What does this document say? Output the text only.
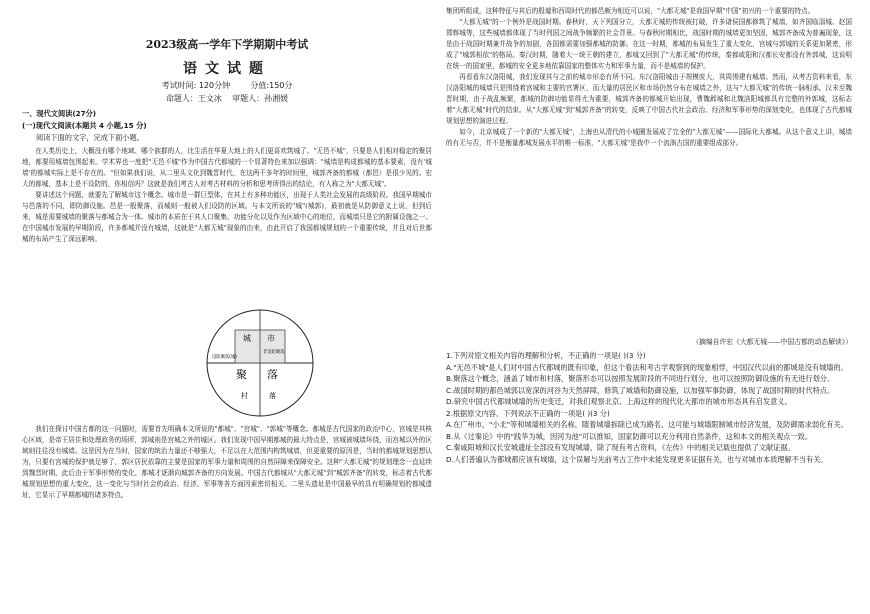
2023级高一学年下学期期中考试
语文试题
考试时间: 120分钟        分值:150分
命题人：王文冰    审题人：孙湘媛
一、现代文阅读(27分)
(一)现代文阅读(本题共 4 小题,15 分)
阅读下面的文字，完成下面小题。

在人类历史上，大概没有哪个地域、哪个族群的人，比生活在华夏大地上的人们更喜欢筑城了。"无邑不城"，只要是人们相对稳定的聚居地，都要用城墙包围起来。学术界也一度把"无邑不城"作为中国古代都城的一个显著特色来加以强调："城墙是构成都城的基本要素，没有'城墙'的都城实际上是不存在的。"但如果我们说，从二里头文化到魏晋时代，在这两千多年的时间里，城郭齐备的都城（都邑）是很少见的。宏大的都城，基本上是不设防的，你相信吗？这就是我们考古人对考古材料的分析和思考所得出的结论，有人称之为"大都无城"。

要讲述这个问题，就要先了解城市这个概念。城市是一群巨型体，在其上有多种功能区，出现于人类社会发展的高级阶段。我国早期城市与邑落的不同，即防御设施。邑是一般聚落，而城则一般被人们设防的区域。与本文所说的"城"(城郭)，最初就是从防御意义上说，但到后来，城是需要城墙的聚落与都城合为一体。城市的本质在于其人口聚集、功能分化以及作为区域中心的地位，而城墙只是它的附属设施之一。在中国城市发展的早期阶段，许多都城并没有城墙，这就是"大都无城"现象的由来，由此开启了我国都城规划的一个重要传统，并且对后世都城的布局产生了深远影响。

城 市
设防聚落(城)
非设防聚落
聚 落
村	落

我们在探讨中国古都的这一问题时，需要首先明确本文所说的"都城"、"宫城"、"郭城"等概念。都城是古代国家的政治中心，宫城是其核心区域，是帝王居住和处理政务的场所，郭城则是宫城之外的城区。我们发现中国早期都城的最大特点是，宫城被城墙环绕，而宫城以外的区域则往往没有城墙。这是因为在当时，国家的统治力量还不够强大，不足以在大范围内构筑城墙，但更重要的原因是，当时的都城规划思想认为，只要有宫城的保护就足够了，郭区居民依靠的主要是国家的军事力量和周围的自然屏障来保障安全。这种"大都无城"的规划理念一直延续到魏晋时期，此后由于军事形势的变化，都城才逐渐向城郭齐备的方向发展。中国古代都城从"大都无城"到"城郭齐备"的转变，标志着古代都城规划思想的重大变化，这一变化与当时社会的政治、经济、军事等各方面因素密切相关。二里头遗址是中国最早的具有明确规划的都城遗址，它显示了早期都城的诸多特点。

集团所组成，这种特征与其后的殷墟和西周时代的都邑颇为相近可以说，"大都无城"是我国早期"中国"初兴的一个重要的特点。

"大都无城"的一个例外是战国时期。春秋时，天下列国分立，大都无城的传统被打破，许多诸侯国都修筑了城墙，如齐国临淄城、赵国邯郸城等，这些城墙都体现了当时列国之间战争频繁的社会背景。与春秋时期相比，战国时期的城墙更加坚固，城郭齐备成为普遍现象，这是由于战国时期兼并战争的加剧，各国都需要加强都城的防御。在这一时期，都城的布局发生了重大变化，宫城与郭城的关系更加紧密，形成了"城郭相依"的格局。秦汉时期，随着大一统王朝的建立，都城又回到了"大都无城"的传统，秦都咸阳和汉都长安都没有外郭城，这说明在统一的国家里，都城的安全更多地依靠国家的整体实力和军事力量，而不是城墙的保护。

再看看东汉洛阳城，我们发现其与之前的城市形态有所不同。东汉洛阳城由于规模庞大，其周围建有城墙。然而，从考古资料来看，东汉洛阳城的城墙只是围绕着宫城和主要的官署区，而大量的居民区和市场仍然分布在城墙之外，这与"大都无城"的传统一脉相承。汉末至魏晋时期，由于战乱频繁，都城的防御功能显得尤为重要，城郭齐备的都城开始出现，曹魏邺城和北魏洛阳城都具有完整的外郭城，这标志着"大都无城"时代的结束。从"大都无城"到"城郭齐备"的转变，反映了中国古代社会政治、经济和军事形势的深刻变化，也体现了古代都城规划思想的演进过程。

如今，北京城成了一个新的"大都无城"，上海也从清代的小城圈发展成了完全的"大都无城"——国际化大都城。从这个意义上讲，城墙的有无与否，并不是衡量都城发展水平的唯一标准，"大都无城"是我中一个流淌古国的重要组成部分。

（摘编自许宏《大都无城——中国古都的动态解读》）

1.下列对原文相关内容的理解和分析，不正确的一项是( )(3 分)

A."无邑不城"是人们对中国古代都城的既有印象，但这个看法和考古学观察到的现象相悖，中国汉代以前的都城是没有城墙的。

B.聚落这个概念，涵盖了城市和村落，聚落形态可以按照发展阶段的不同进行划分，也可以按照防御设施的有无进行划分。

C.战国时期的都邑城郭以宽深的河谷为天然屏障，修筑了城墙和防御设施，以加强军事防御，体现了战国时期的时代特点。

D.研究中国古代都城城墙的历史变迁，对我们观察北京、上海这样的现代化大都市的城市形态具有启发意义。

2.根据原文内容，下列说法不正确的一项是( )(3 分)

A.在广州市，"小北"等和城墙相关的名称，随着城墙拆除已成为路名，这可能与城墙限制城市经济发展，及防御需求弱化有关。

B.从《过秦论》中的"践华为城，因河为池"可以推知，国家防御可以充分利用自然条件，这和本文的相关观点一致。

C.秦咸阳城和汉长安城遗址全部没有发现城墙，除了现有考古资料，《左传》中的相关记载也提供了文献证据。

D.人们普遍认为都城都应该有城墙，这个误解与先前考古工作中未能发现更多证据有关，也与对城市本质理解不当有关。
